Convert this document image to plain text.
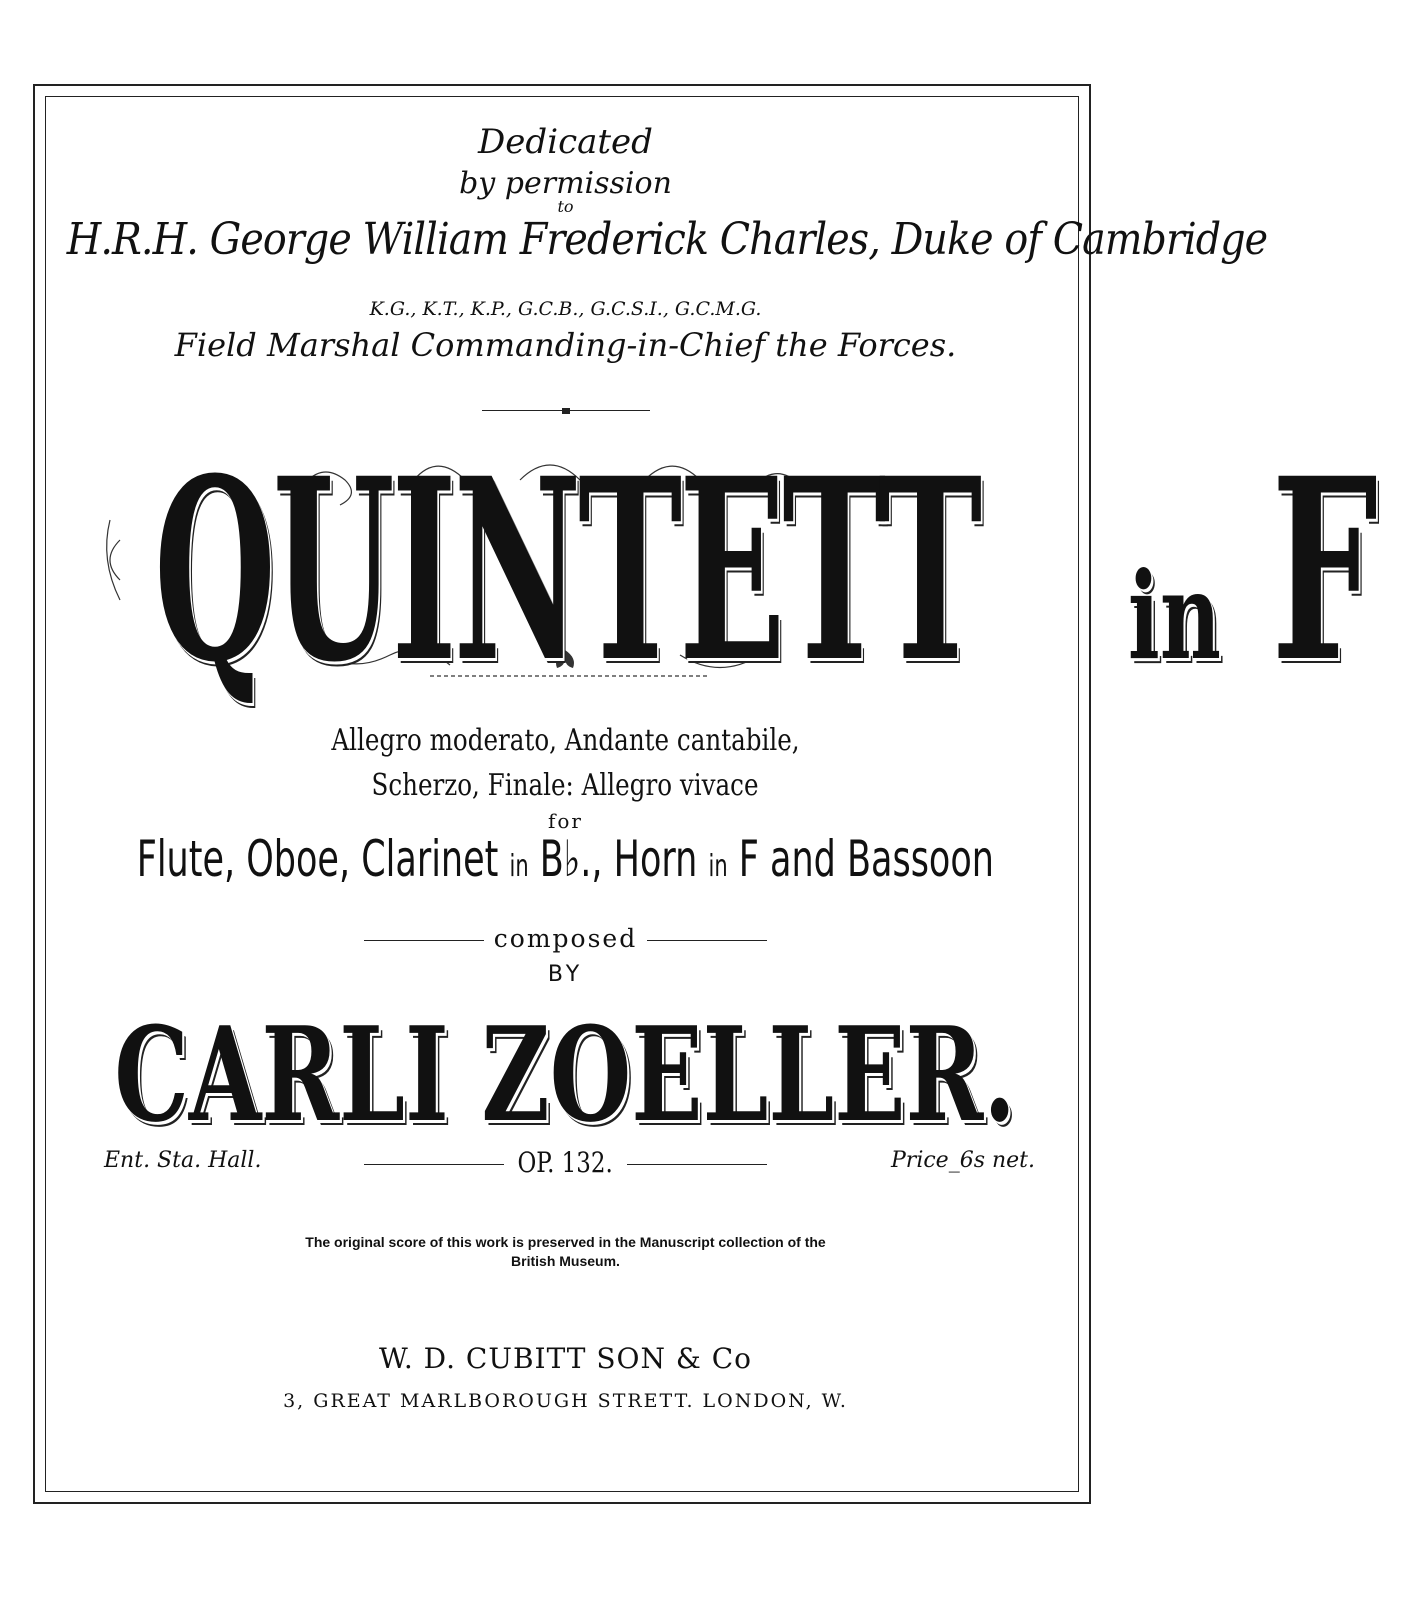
Dedicated
by permission
to
H.R.H. George William Frederick Charles, Duke of Cambridge
K.G., K.T., K.P., G.C.B., G.C.S.I., G.C.M.G.
Field Marshal Commanding-in-Chief the Forces.
QUINTETT in F
Allegro moderato, Andante cantabile,
Scherzo, Finale: Allegro vivace
for
Flute, Oboe, Clarinet in B♭., Horn in F and Bassoon
composed
BY
CARLI ZOELLER.
Ent. Sta. Hall.	OP. 132.	Price_6s net.
The original score of this work is preserved in the Manuscript collection of the
British Museum.
W. D. CUBITT SON & Co
3, GREAT MARLBOROUGH STRETT. LONDON, W.
